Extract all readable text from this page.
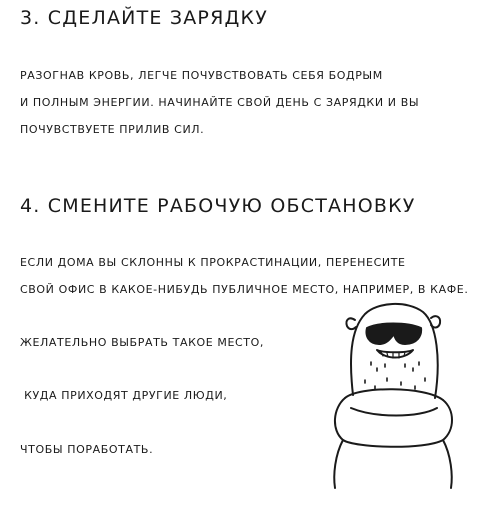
3. СДЕЛАЙТЕ ЗАРЯДКУ

РАЗОГНАВ КРОВЬ, ЛЕГЧЕ ПОЧУВСТВОВАТЬ СЕБЯ БОДРЫМ

И ПОЛНЫМ ЭНЕРГИИ. НАЧИНАЙТЕ СВОЙ ДЕНЬ С ЗАРЯДКИ И ВЫ

ПОЧУВСТВУЕТЕ ПРИЛИВ СИЛ.

4. СМЕНИТЕ РАБОЧУЮ ОБСТАНОВКУ

ЕСЛИ ДОМА ВЫ СКЛОННЫ К ПРОКРАСТИНАЦИИ, ПЕРЕНЕСИТЕ

СВОЙ ОФИС В КАКОЕ-НИБУДЬ ПУБЛИЧНОЕ МЕСТО, НАПРИМЕР, В КАФЕ.

ЖЕЛАТЕЛЬНО ВЫБРАТЬ ТАКОЕ МЕСТО,

КУДА ПРИХОДЯТ ДРУГИЕ ЛЮДИ,

ЧТОБЫ ПОРАБОТАТЬ.
